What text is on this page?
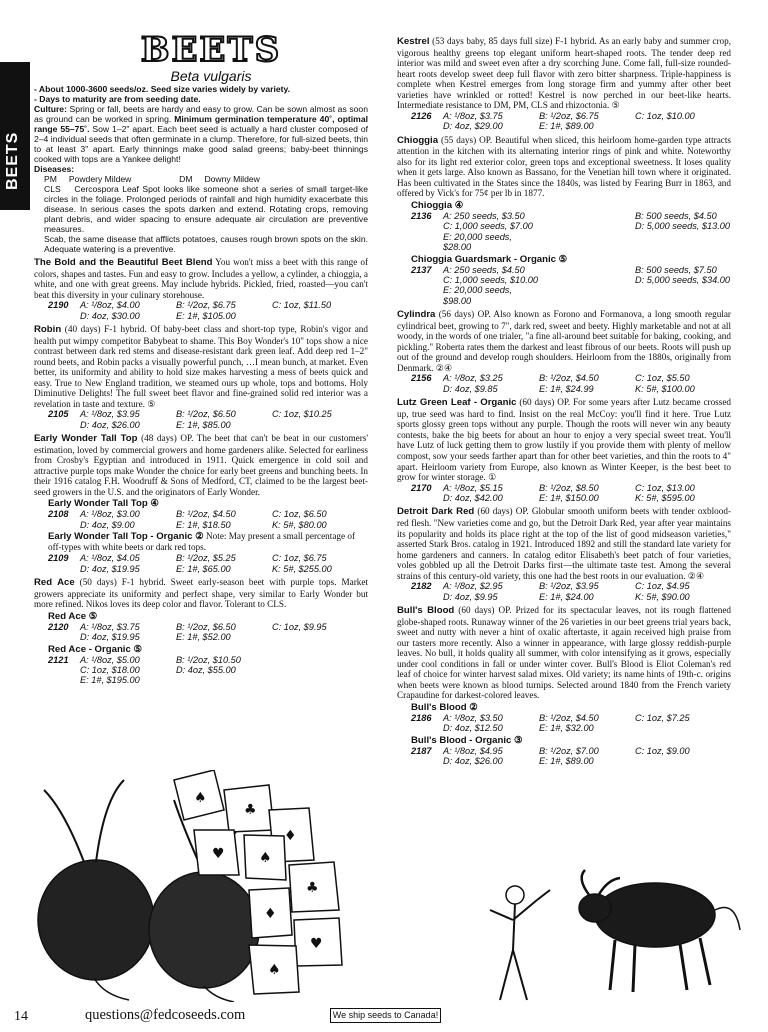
BEETS
BEETS
Beta vulgaris
- About 1000-3600 seeds/oz. Seed size varies widely by variety.
- Days to maturity are from seeding date.
Culture: Spring or fall, beets are hardy and easy to grow. Can be sown almost as soon as ground can be worked in spring. Minimum germination temperature 40˚, optimal range 55–75˚. Sow 1–2" apart. Each beet seed is actually a hard cluster composed of 2–4 individual seeds that often germinate in a clump. Therefore, for full-sized beets, thin to at least 3" apart. Early thinnings make good salad greens; baby-beet thinnings cooked with tops are a Yankee delight!
Diseases:
PM     Powdery Mildew                    DM     Downy Mildew
CLS    Cercospora Leaf Spot looks like someone shot a series of small target-like circles in the foliage. Prolonged periods of rainfall and high humidity exacerbate this disease. In serious cases the spots darken and extend. Rotating crops, removing plant debris, and wider spacing to ensure adequate air circulation are preventive measures.
Scab, the same disease that afflicts potatoes, causes rough brown spots on the skin. Adequate watering is a preventive.
The Bold and the Beautiful Beet Blend You won't miss a beet with this range of colors, shapes and tastes. Fun and easy to grow. Includes a yellow, a cylinder, a chioggia, a white, and one with great greens. May include hybrids. Pickled, fried, roasted—you can't beat this diversity in your culinary storehouse.
2190	A: ¹/8oz, $4.00	B: ¹/2oz, $6.75	C: 1oz, $11.50
D: 4oz, $30.00	E: 1#, $105.00
Robin (40 days) F-1 hybrid. Of baby-beet class and short-top type, Robin's vigor and health put wimpy competitor Babybeat to shame. This Boy Wonder's 10" tops show a nice contrast between dark red stems and disease-resistant dark green leaf. Add deep red 1–2" round beets, and Robin packs a visually powerful punch, …I mean bunch, at market. Even better, its uniformity and ability to hold size makes harvesting a mess of beets quick and easy. True to New England tradition, we steamed ours up whole, tops and bottoms. Holy Diminutive Delights! The full sweet beet flavor and fine-grained solid red interior was a revelation in taste and texture. ⑤
2105	A: ¹/8oz, $3.95	B: ¹/2oz, $6.50	C: 1oz, $10.25
D: 4oz, $26.00	E: 1#, $85.00
Early Wonder Tall Top (48 days) OP. The beet that can't be beat in our customers' estimation, loved by commercial growers and home gardeners alike. Selected for earliness from Crosby's Egyptian and introduced in 1911. Quick emergence in cold soil and attractive purple tops make Wonder the choice for early beet greens and bunching beets. In their 1916 catalog F.H. Woodruff & Sons of Medford, CT, claimed to be the largest beet-seed growers in the U.S. and the originators of Early Wonder.
Early Wonder Tall Top ④
2108	A: ¹/8oz, $3.00	B: ¹/2oz, $4.50	C: 1oz, $6.50
D: 4oz, $9.00	E: 1#, $18.50	K: 5#, $80.00
Early Wonder Tall Top - Organic ② Note: May present a small percentage of off-types with white beets or dark red tops.
2109	A: ¹/8oz, $4.05	B: ¹/2oz, $5.25	C: 1oz, $6.75
D: 4oz, $19.95	E: 1#, $65.00	K: 5#, $255.00
Red Ace (50 days) F-1 hybrid. Sweet early-season beet with purple tops. Market growers appreciate its uniformity and perfect shape, very similar to Early Wonder but more refined. Nikos loves its deep color and flavor. Tolerant to CLS.
Red Ace ⑤
2120	A: ¹/8oz, $3.75	B: ¹/2oz, $6.50	C: 1oz, $9.95
D: 4oz, $19.95	E: 1#, $52.00
Red Ace - Organic ⑤
2121	A: ¹/8oz, $5.00	B: ¹/2oz, $10.50
C: 1oz, $18.00	D: 4oz, $55.00
E: 1#, $195.00
Kestrel (53 days baby, 85 days full size) F-1 hybrid. As an early baby and summer crop, vigorous healthy greens top elegant uniform heart-shaped roots. The tender deep red interior was mild and sweet even after a dry scorching June. Come fall, full-size rounded-heart roots develop sweet deep full flavor with zero bitter sharpness. Triple-happiness is complete when Kestrel emerges from long storage firm and yummy after other beet varieties have wrinkled or rotted! Kestrel is now perched in our beet-like hearts. Intermediate resistance to DM, PM, CLS and rhizoctonia. ⑤
2126	A: ¹/8oz, $3.75	B: ¹/2oz, $6.75	C: 1oz, $10.00
D: 4oz, $29.00	E: 1#, $89.00
Chioggia (55 days) OP. Beautiful when sliced, this heirloom home-garden type attracts attention in the kitchen with its alternating interior rings of pink and white. Noteworthy also for its light red exterior color, green tops and exceptional sweetness. It loses quality when it gets large. Also known as Bassano, for the Venetian hill town where it originated. Has been cultivated in the States since the 1840s, was listed by Fearing Burr in 1863, and offered by Vick's for 75¢ per lb in 1877.
Chioggia ④
2136	A: 250 seeds, $3.50	B: 500 seeds, $4.50
C: 1,000 seeds, $7.00	D: 5,000 seeds, $13.00
E: 20,000 seeds, $28.00
Chioggia Guardsmark - Organic ⑤
2137	A: 250 seeds, $4.50	B: 500 seeds, $7.50
C: 1,000 seeds, $10.00	D: 5,000 seeds, $34.00
E: 20,000 seeds, $98.00
Cylindra (56 days) OP. Also known as Forono and Formanova, a long smooth regular cylindrical beet, growing to 7", dark red, sweet and beety. Highly marketable and not at all woody, in the words of one trialer, "a fine all-around beet suitable for baking, cooking, and pickling." Roberta rates them the darkest and least fibrous of our beets. Roots will push up out of the ground and develop rough shoulders. Heirloom from the 1880s, originally from Denmark. ②④
2156	A: ¹/8oz, $3.25	B: ¹/2oz, $4.50	C: 1oz, $5.50
D: 4oz, $9.85	E: 1#, $24.99	K: 5#, $100.00
Lutz Green Leaf - Organic (60 days) OP. For some years after Lutz became crossed up, true seed was hard to find. Insist on the real McCoy: you'll find it here. True Lutz sports glossy green tops without any purple. Though the roots will never win any beauty contests, bake the big beets for about an hour to enjoy a very special sweet treat. You'll have Lutz of luck getting them to grow lustily if you provide them with plenty of mellow compost, sow your seeds farther apart than for other beet varieties, and thin the roots to 4" apart. Heirloom variety from Europe, also known as Winter Keeper, is the best beet to grow for winter storage. ①
2170	A: ¹/8oz, $5.15	B: ¹/2oz, $8.50	C: 1oz, $13.00
D: 4oz, $42.00	E: 1#, $150.00	K: 5#, $595.00
Detroit Dark Red (60 days) OP. Globular smooth uniform beets with tender oxblood-red flesh. "New varieties come and go, but the Detroit Dark Red, year after year maintains its popularity and holds its place right at the top of the list of good midseason varieties," asserted Stark Bros. catalog in 1921. Introduced 1892 and still the standard late variety for home gardeners and canners. In catalog editor Elisabeth's beet patch of four varieties, voles gobbled up all the Detroit Darks first—the ultimate taste test. Among the several strains of this century-old variety, this one had the best roots in our evaluation. ②④
2182	A: ¹/8oz, $2.95	B: ¹/2oz, $3.95	C: 1oz, $4.95
D: 4oz, $9.95	E: 1#, $24.00	K: 5#, $90.00
Bull's Blood (60 days) OP. Prized for its spectacular leaves, not its rough flattened globe-shaped roots. Runaway winner of the 26 varieties in our beet greens trial years back, sweet and nutty with never a hint of oxalic aftertaste, it again received high praise from our tasters more recently. Also a winner in appearance, with large glossy reddish-purple leaves. No bull, it holds quality all summer, with color intensifying as it grows, especially under cool conditions in fall or under winter cover. Bull's Blood is Eliot Coleman's red leaf of choice for winter harvest salad mixes. Old variety; its name hints of 19th-c. origins when beets were known as blood turnips. Selected around 1840 from the French variety Crapaudine for darkest-colored leaves.
Bull's Blood ②
2186	A: ¹/8oz, $3.50	B: ¹/2oz, $4.50	C: 1oz, $7.25
D: 4oz, $12.50	E: 1#, $32.00
Bull's Blood - Organic ③
2187	A: ¹/8oz, $4.95	B: ¹/2oz, $7.00	C: 1oz, $9.00
D: 4oz, $26.00	E: 1#, $89.00
♠
♣
♦
♥ ♠
♣
♦
♥
♠
14	questions@fedcoseeds.com	We ship seeds to Canada!
